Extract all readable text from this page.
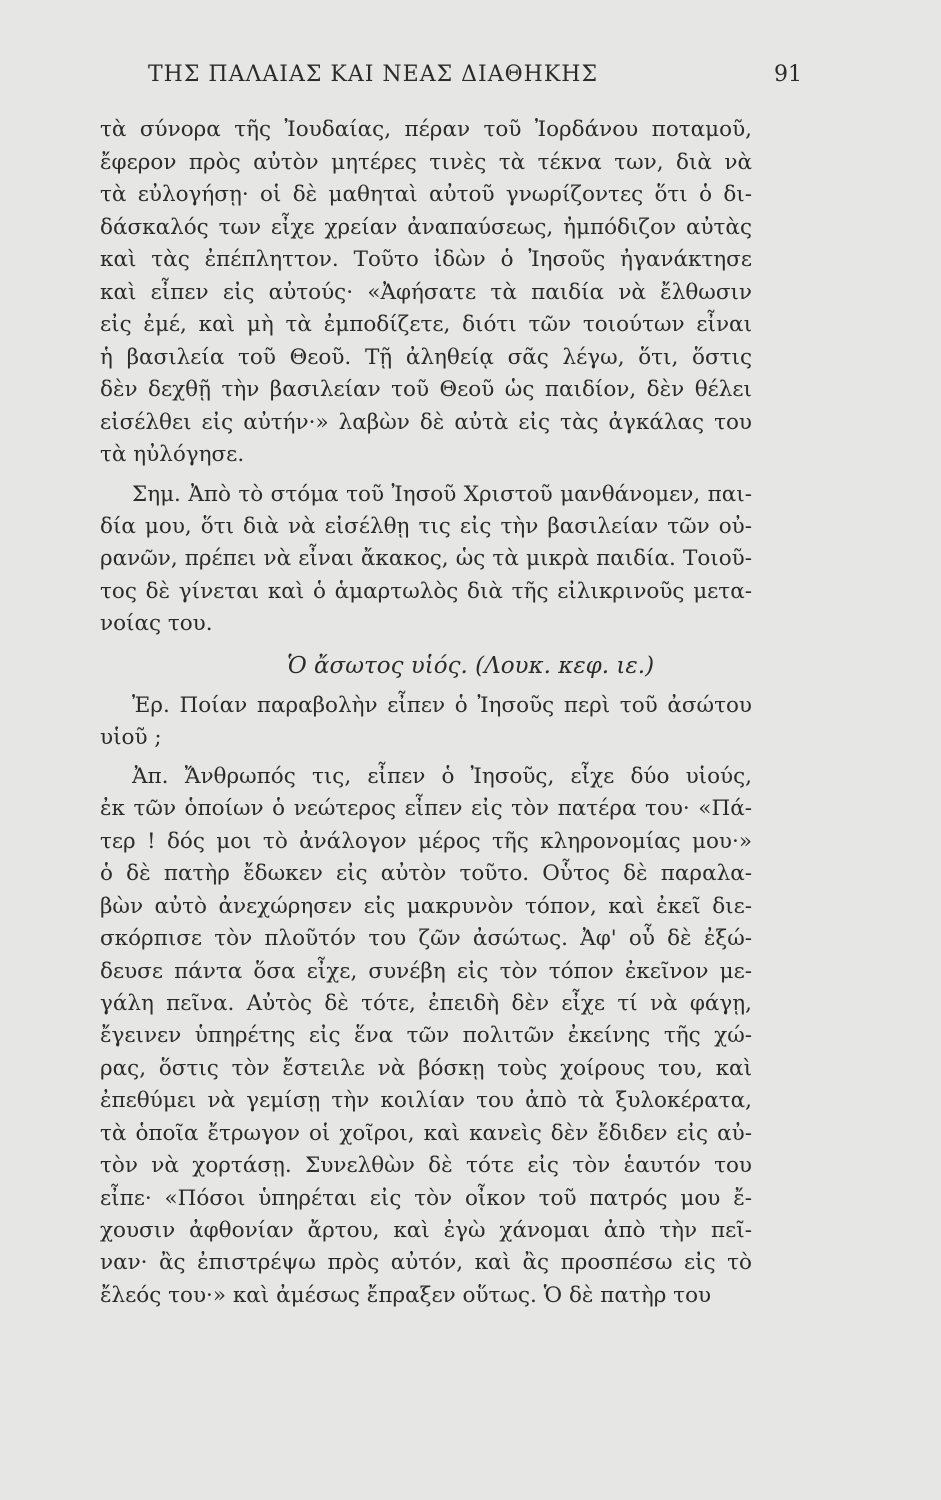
ΤΗΣ ΠΑΛΑΙΑΣ ΚΑΙ ΝΕΑΣ ΔΙΑΘΗΚΗΣ	91
τὰ σύνορα τῆς Ἰουδαίας, πέραν τοῦ Ἰορδάνου ποταμοῦ,
ἔφερον πρὸς αὐτὸν μητέρες τινὲς τὰ τέκνα των, διὰ νὰ
τὰ εὐλογήσῃ· οἱ δὲ μαθηταὶ αὐτοῦ γνωρίζοντες ὅτι ὁ δι-
δάσκαλός των εἶχε χρείαν ἀναπαύσεως, ἠμπόδιζον αὐτὰς
καὶ τὰς ἐπέπληττον. Τοῦτο ἰδὼν ὁ Ἰησοῦς ἠγανάκτησε
καὶ εἶπεν εἰς αὐτούς· «Ἀφήσατε τὰ παιδία νὰ ἔλθωσιν
εἰς ἐμέ, καὶ μὴ τὰ ἐμποδίζετε, διότι τῶν τοιούτων εἶναι
ἡ βασιλεία τοῦ Θεοῦ. Τῇ ἀληθείᾳ σᾶς λέγω, ὅτι, ὅστις
δὲν δεχθῇ τὴν βασιλείαν τοῦ Θεοῦ ὡς παιδίον, δὲν θέλει
εἰσέλθει εἰς αὐτήν·» λαβὼν δὲ αὐτὰ εἰς τὰς ἀγκάλας του
τὰ ηὐλόγησε.
Σημ. Ἀπὸ τὸ στόμα τοῦ Ἰησοῦ Χριστοῦ μανθάνομεν, παι-
δία μου, ὅτι διὰ νὰ εἰσέλθῃ τις εἰς τὴν βασιλείαν τῶν οὐ-
ρανῶν, πρέπει νὰ εἶναι ἄκακος, ὡς τὰ μικρὰ παιδία. Τοιοῦ-
τος δὲ γίνεται καὶ ὁ ἁμαρτωλὸς διὰ τῆς εἰλικρινοῦς μετα-
νοίας του.
Ὁ ἄσωτος υἱός. (Λουκ. κεφ. ιε.)
Ἐρ. Ποίαν παραβολὴν εἶπεν ὁ Ἰησοῦς περὶ τοῦ ἀσώτου
υἱοῦ ;
Ἀπ. Ἄνθρωπός τις, εἶπεν ὁ Ἰησοῦς, εἶχε δύο υἱούς,
ἐκ τῶν ὁποίων ὁ νεώτερος εἶπεν εἰς τὸν πατέρα του· «Πά-
τερ ! δός μοι τὸ ἀνάλογον μέρος τῆς κληρονομίας μου·»
ὁ δὲ πατὴρ ἔδωκεν εἰς αὐτὸν τοῦτο. Οὗτος δὲ παραλα-
βὼν αὐτὸ ἀνεχώρησεν εἰς μακρυνὸν τόπον, καὶ ἐκεῖ διε-
σκόρπισε τὸν πλοῦτόν του ζῶν ἀσώτως. Ἀφ' οὗ δὲ ἐξώ-
δευσε πάντα ὅσα εἶχε, συνέβη εἰς τὸν τόπον ἐκεῖνον με-
γάλη πεῖνα. Αὐτὸς δὲ τότε, ἐπειδὴ δὲν εἶχε τί νὰ φάγῃ,
ἔγεινεν ὑπηρέτης εἰς ἕνα τῶν πολιτῶν ἐκείνης τῆς χώ-
ρας, ὅστις τὸν ἔστειλε νὰ βόσκῃ τοὺς χοίρους του, καὶ
ἐπεθύμει νὰ γεμίσῃ τὴν κοιλίαν του ἀπὸ τὰ ξυλοκέρατα,
τὰ ὁποῖα ἔτρωγον οἱ χοῖροι, καὶ κανεὶς δὲν ἔδιδεν εἰς αὐ-
τὸν νὰ χορτάσῃ. Συνελθὼν δὲ τότε εἰς τὸν ἑαυτόν του
εἶπε· «Πόσοι ὑπηρέται εἰς τὸν οἶκον τοῦ πατρός μου ἔ-
χουσιν ἀφθονίαν ἄρτου, καὶ ἐγὼ χάνομαι ἀπὸ τὴν πεῖ-
ναν· ἂς ἐπιστρέψω πρὸς αὐτόν, καὶ ἂς προσπέσω εἰς τὸ
ἔλεός του·» καὶ ἀμέσως ἔπραξεν οὕτως. Ὁ δὲ πατὴρ του
